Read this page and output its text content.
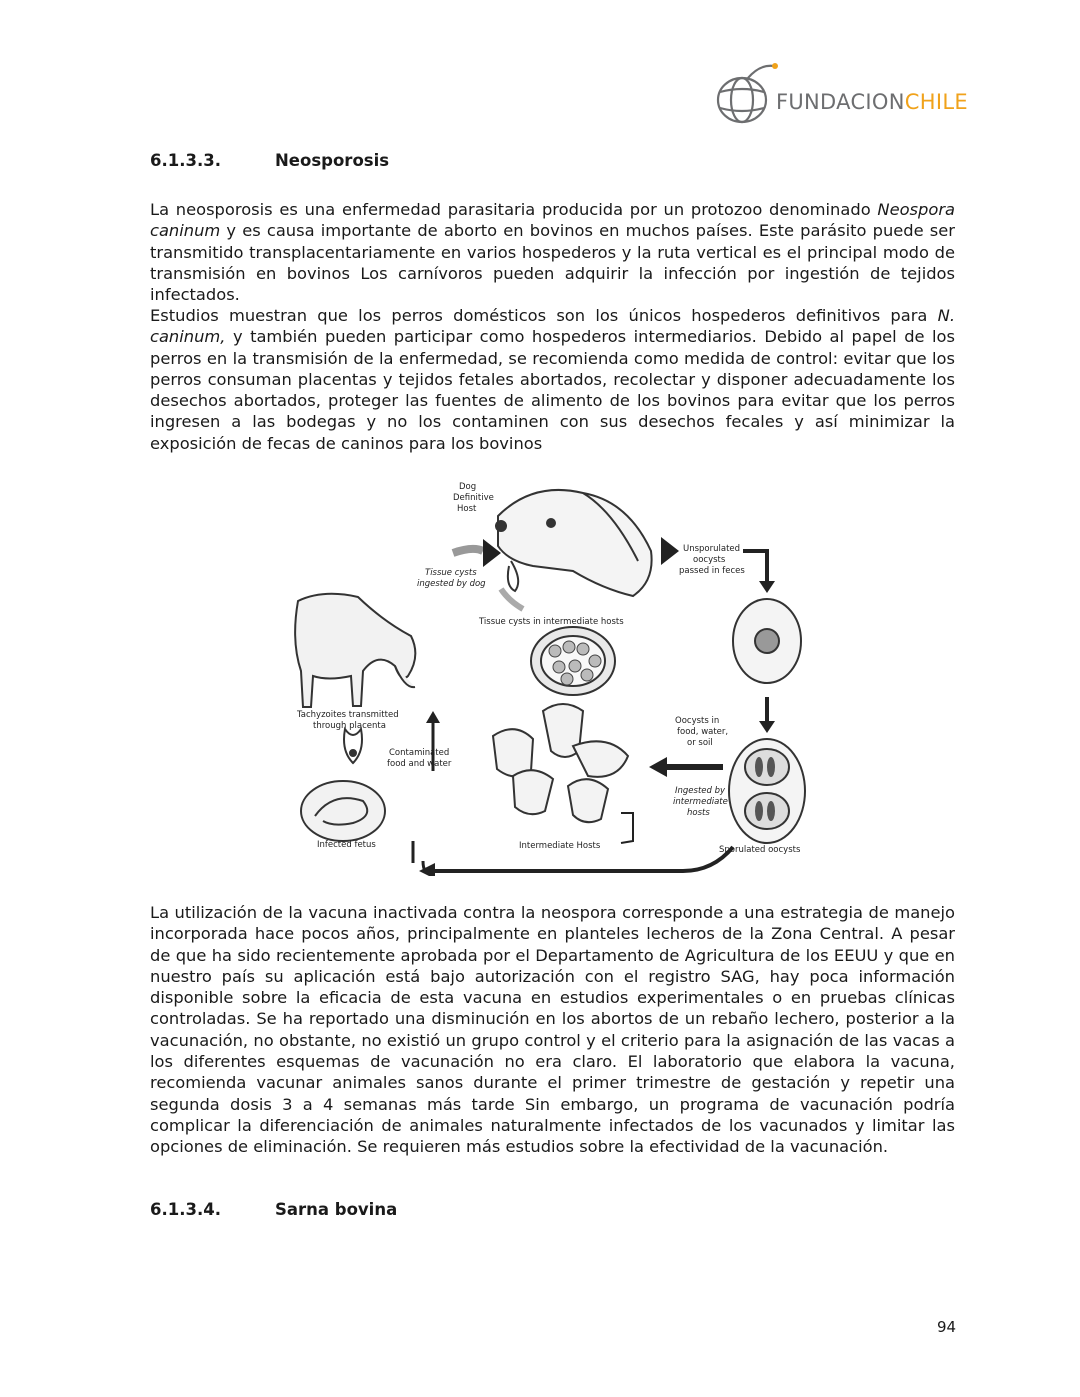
FUNDACIONCHILE
6.1.3.3.	Neosporosis

La neosporosis es una enfermedad parasitaria producida por un protozoo denominado Neospora caninum y es causa importante de aborto en bovinos en muchos países. Este parásito puede ser transmitido transplacentariamente en varios hospederos y la ruta vertical es el principal modo de transmisión en bovinos Los carnívoros pueden adquirir la infección por ingestión de tejidos infectados.

Estudios muestran que los perros domésticos son los únicos hospederos definitivos para N. caninum, y también pueden participar como hospederos intermediarios. Debido al papel de los perros en la transmisión de la enfermedad, se recomienda como medida de control: evitar que los perros consuman placentas y tejidos fetales abortados, recolectar y disponer adecuadamente los desechos abortados, proteger las fuentes de alimento de los bovinos para evitar que los perros ingresen a las bodegas y no los contaminen con sus desechos fecales y así minimizar la exposición de fecas de caninos para los bovinos

Dog
Definitive
Host
Tissue cysts
ingested by dog
Unsporulated
oocysts
passed in feces
Tissue cysts in intermediate hosts
Tachyzoites transmitted
through placenta
Contaminated
food and water
Oocysts in
food, water,
or soil
Ingested by
intermediate
hosts
Infected fetus	Intermediate Hosts	Sporulated oocysts

La utilización de la vacuna inactivada contra la neospora corresponde a una estrategia de manejo incorporada hace pocos años, principalmente en planteles lecheros de la Zona Central. A pesar de que ha sido recientemente aprobada por el Departamento de Agricultura de los EEUU y que en nuestro país su aplicación está bajo autorización con el registro SAG, hay poca información disponible sobre la eficacia de esta vacuna en estudios experimentales o en pruebas clínicas controladas. Se ha reportado una disminución en los abortos de un rebaño lechero, posterior a la vacunación, no obstante, no existió un grupo control y el criterio para la asignación de las vacas a los diferentes esquemas de vacunación no era claro. El laboratorio que elabora la vacuna, recomienda vacunar animales sanos durante el primer trimestre de gestación y repetir una segunda dosis 3 a 4 semanas más tarde Sin embargo, un programa de vacunación podría complicar la diferenciación de animales naturalmente infectados de los vacunados y limitar las opciones de eliminación. Se requieren más estudios sobre la efectividad de la vacunación.

6.1.3.4.	Sarna bovina
94
